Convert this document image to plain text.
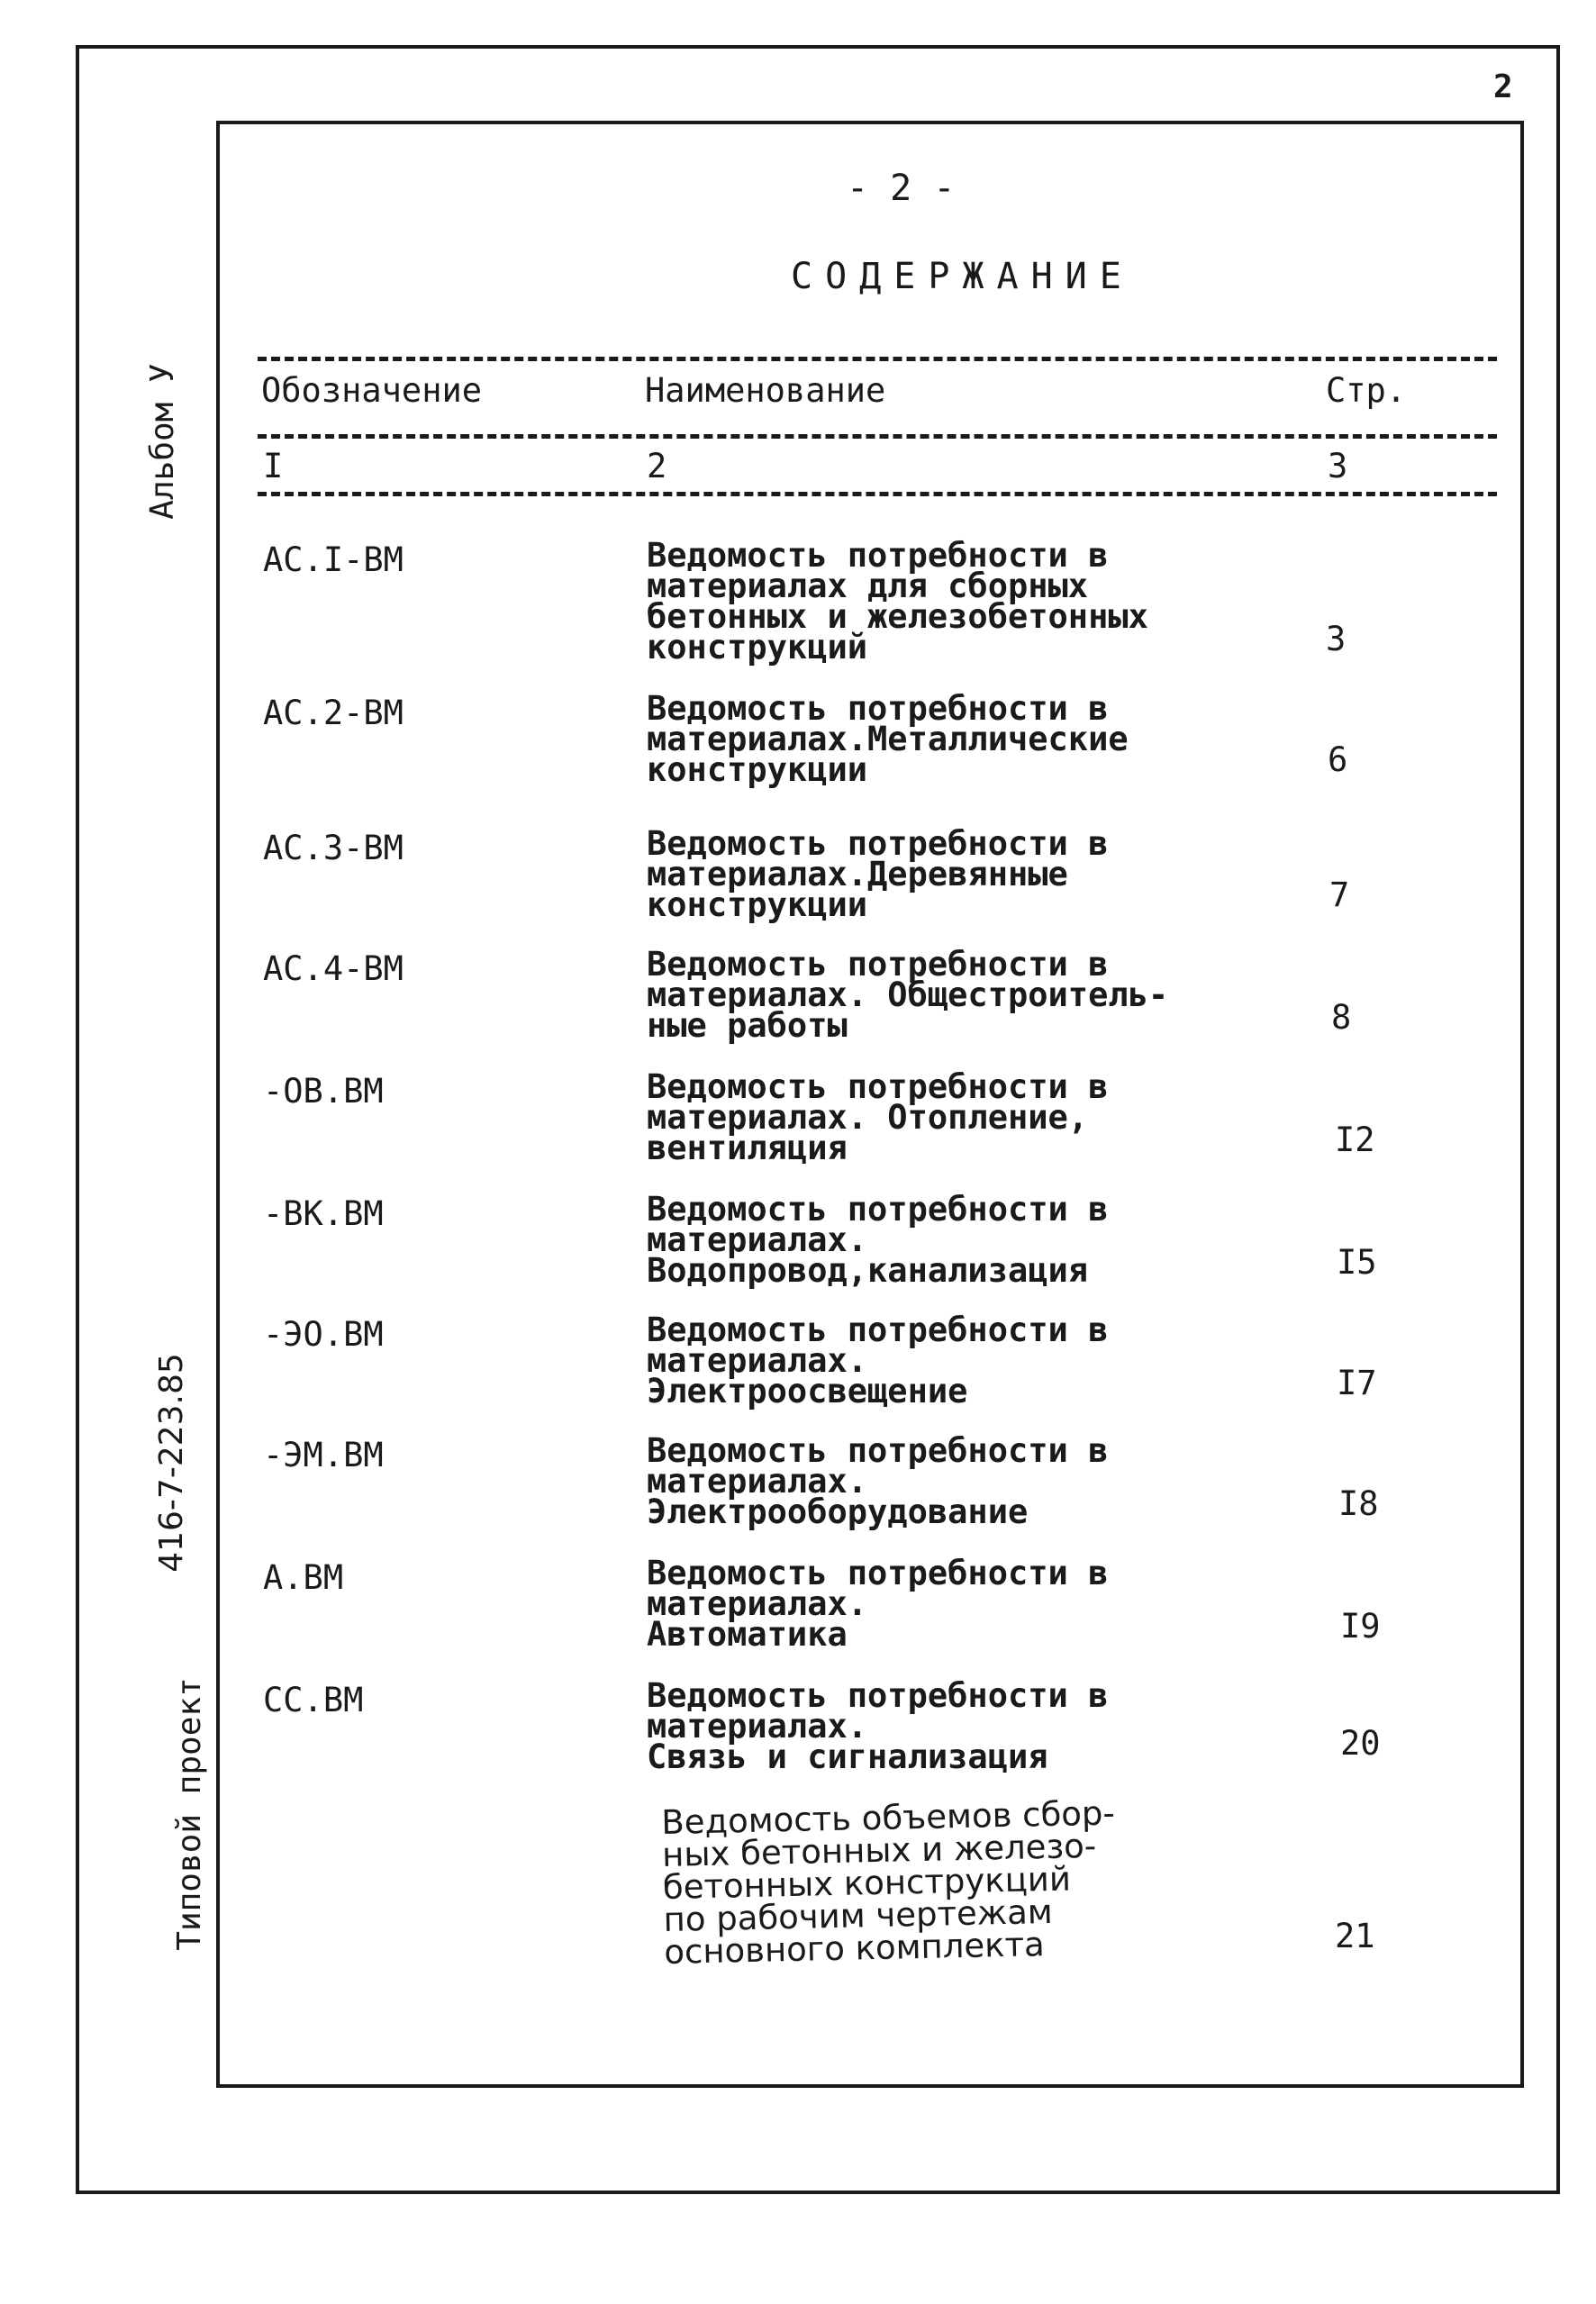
2
- 2 -
СОДЕРЖАНИЕ
Обозначение	Наименование	Стр.
I	2	3
АС.I-ВМ	Ведомость потребности в
материалах для сборных
бетонных и железобетонных
конструкций	3
АС.2-ВМ	Ведомость потребности в
материалах.Металлические
конструкции	6
АС.3-ВМ	Ведомость потребности в
материалах.Деревянные
конструкции	7
АС.4-ВМ	Ведомость потребности в
материалах. Общестроитель-
ные работы	8
-ОВ.ВМ	Ведомость потребности в
материалах. Отопление,
вентиляция	I2
-ВК.ВМ	Ведомость потребности в
материалах.
Водопровод,канализация	I5
-ЭО.ВМ	Ведомость потребности в
материалах.
Электроосвещение	I7
-ЭМ.ВМ	Ведомость потребности в
материалах.
Электрооборудование	I8
А.ВМ	Ведомость потребности в
материалах.
Автоматика	I9
СС.ВМ	Ведомость потребности в
материалах.
Связь и сигнализация	20
Ведомость объемов сбор-
ных бетонных и железо-
бетонных конструкций
по рабочим чертежам
основного комплекта	21
Альбом У
416-7-223.85
Типовой проект
